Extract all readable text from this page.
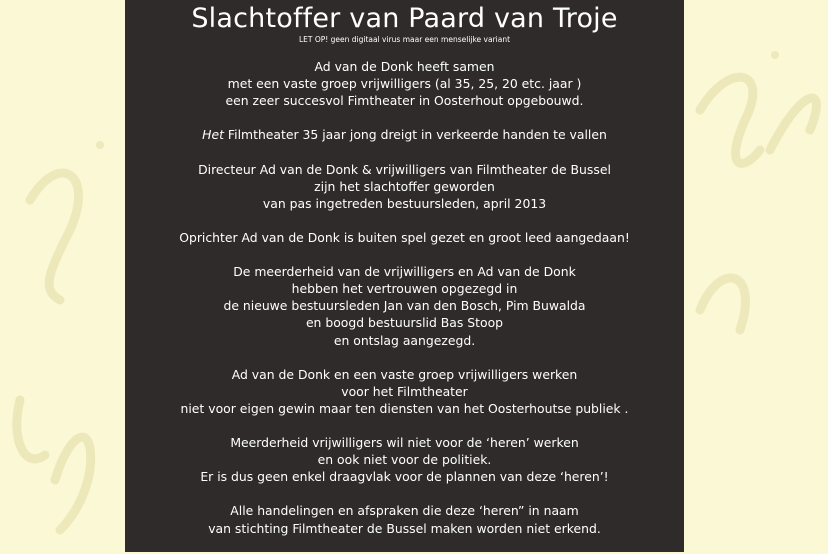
Slachtoffer van Paard van Troje
LET OP! geen digitaal virus maar een menselijke variant

Ad van de Donk heeft samen
met een vaste groep vrijwilligers (al 35, 25, 20 etc. jaar )
een zeer succesvol Fimtheater in Oosterhout opgebouwd.

Het Filmtheater 35 jaar jong dreigt in verkeerde handen te vallen

Directeur Ad van de Donk & vrijwilligers van Filmtheater de Bussel
zijn het slachtoffer geworden
van pas ingetreden bestuursleden, april 2013

Oprichter Ad van de Donk is buiten spel gezet en groot leed aangedaan!

De meerderheid van de vrijwilligers en Ad van de Donk
hebben het vertrouwen opgezegd in
de nieuwe bestuursleden Jan van den Bosch, Pim Buwalda
en boogd bestuurslid Bas Stoop
en ontslag aangezegd.

Ad van de Donk en een vaste groep vrijwilligers werken
voor het Filmtheater
niet voor eigen gewin maar ten diensten van het Oosterhoutse publiek .

Meerderheid vrijwilligers wil niet voor de ‘heren’ werken
en ook niet voor de politiek.
Er is dus geen enkel draagvlak voor de plannen van deze ‘heren’!

Alle handelingen en afspraken die deze ‘heren” in naam
van stichting Filmtheater de Bussel maken worden niet erkend.
